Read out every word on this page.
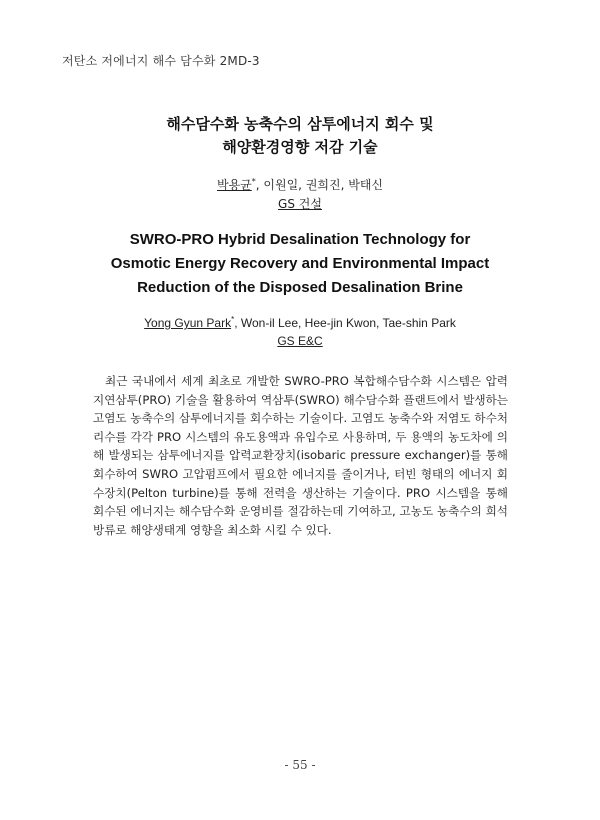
저탄소 저에너지 해수 담수화 2MD-3
해수담수화 농축수의 삼투에너지 회수 및
해양환경영향 저감 기술
박용균*, 이원일, 권희진, 박태신
GS 건설
SWRO-PRO Hybrid Desalination Technology for
Osmotic Energy Recovery and Environmental Impact
Reduction of the Disposed Desalination Brine
Yong Gyun Park*, Won-il Lee, Hee-jin Kwon, Tae-shin Park
GS E&C
최근 국내에서 세계 최초로 개발한 SWRO-PRO 복합해수담수화 시스템은 압력지연삼투(PRO) 기술을 활용하여 역삼투(SWRO) 해수담수화 플랜트에서 발생하는 고염도 농축수의 삼투에너지를 회수하는 기술이다. 고염도 농축수와 저염도 하수처리수를 각각 PRO 시스템의 유도용액과 유입수로 사용하며, 두 용액의 농도차에 의해 발생되는 삼투에너지를 압력교환장치(isobaric pressure exchanger)를 통해 회수하여 SWRO 고압펌프에서 필요한 에너지를 줄이거나, 터빈 형태의 에너지 회수장치(Pelton turbine)를 통해 전력을 생산하는 기술이다. PRO 시스템을 통해 회수된 에너지는 해수담수화 운영비를 절감하는데 기여하고, 고농도 농축수의 희석 방류로 해양생태계 영향을 최소화 시킬 수 있다.
- 55 -
